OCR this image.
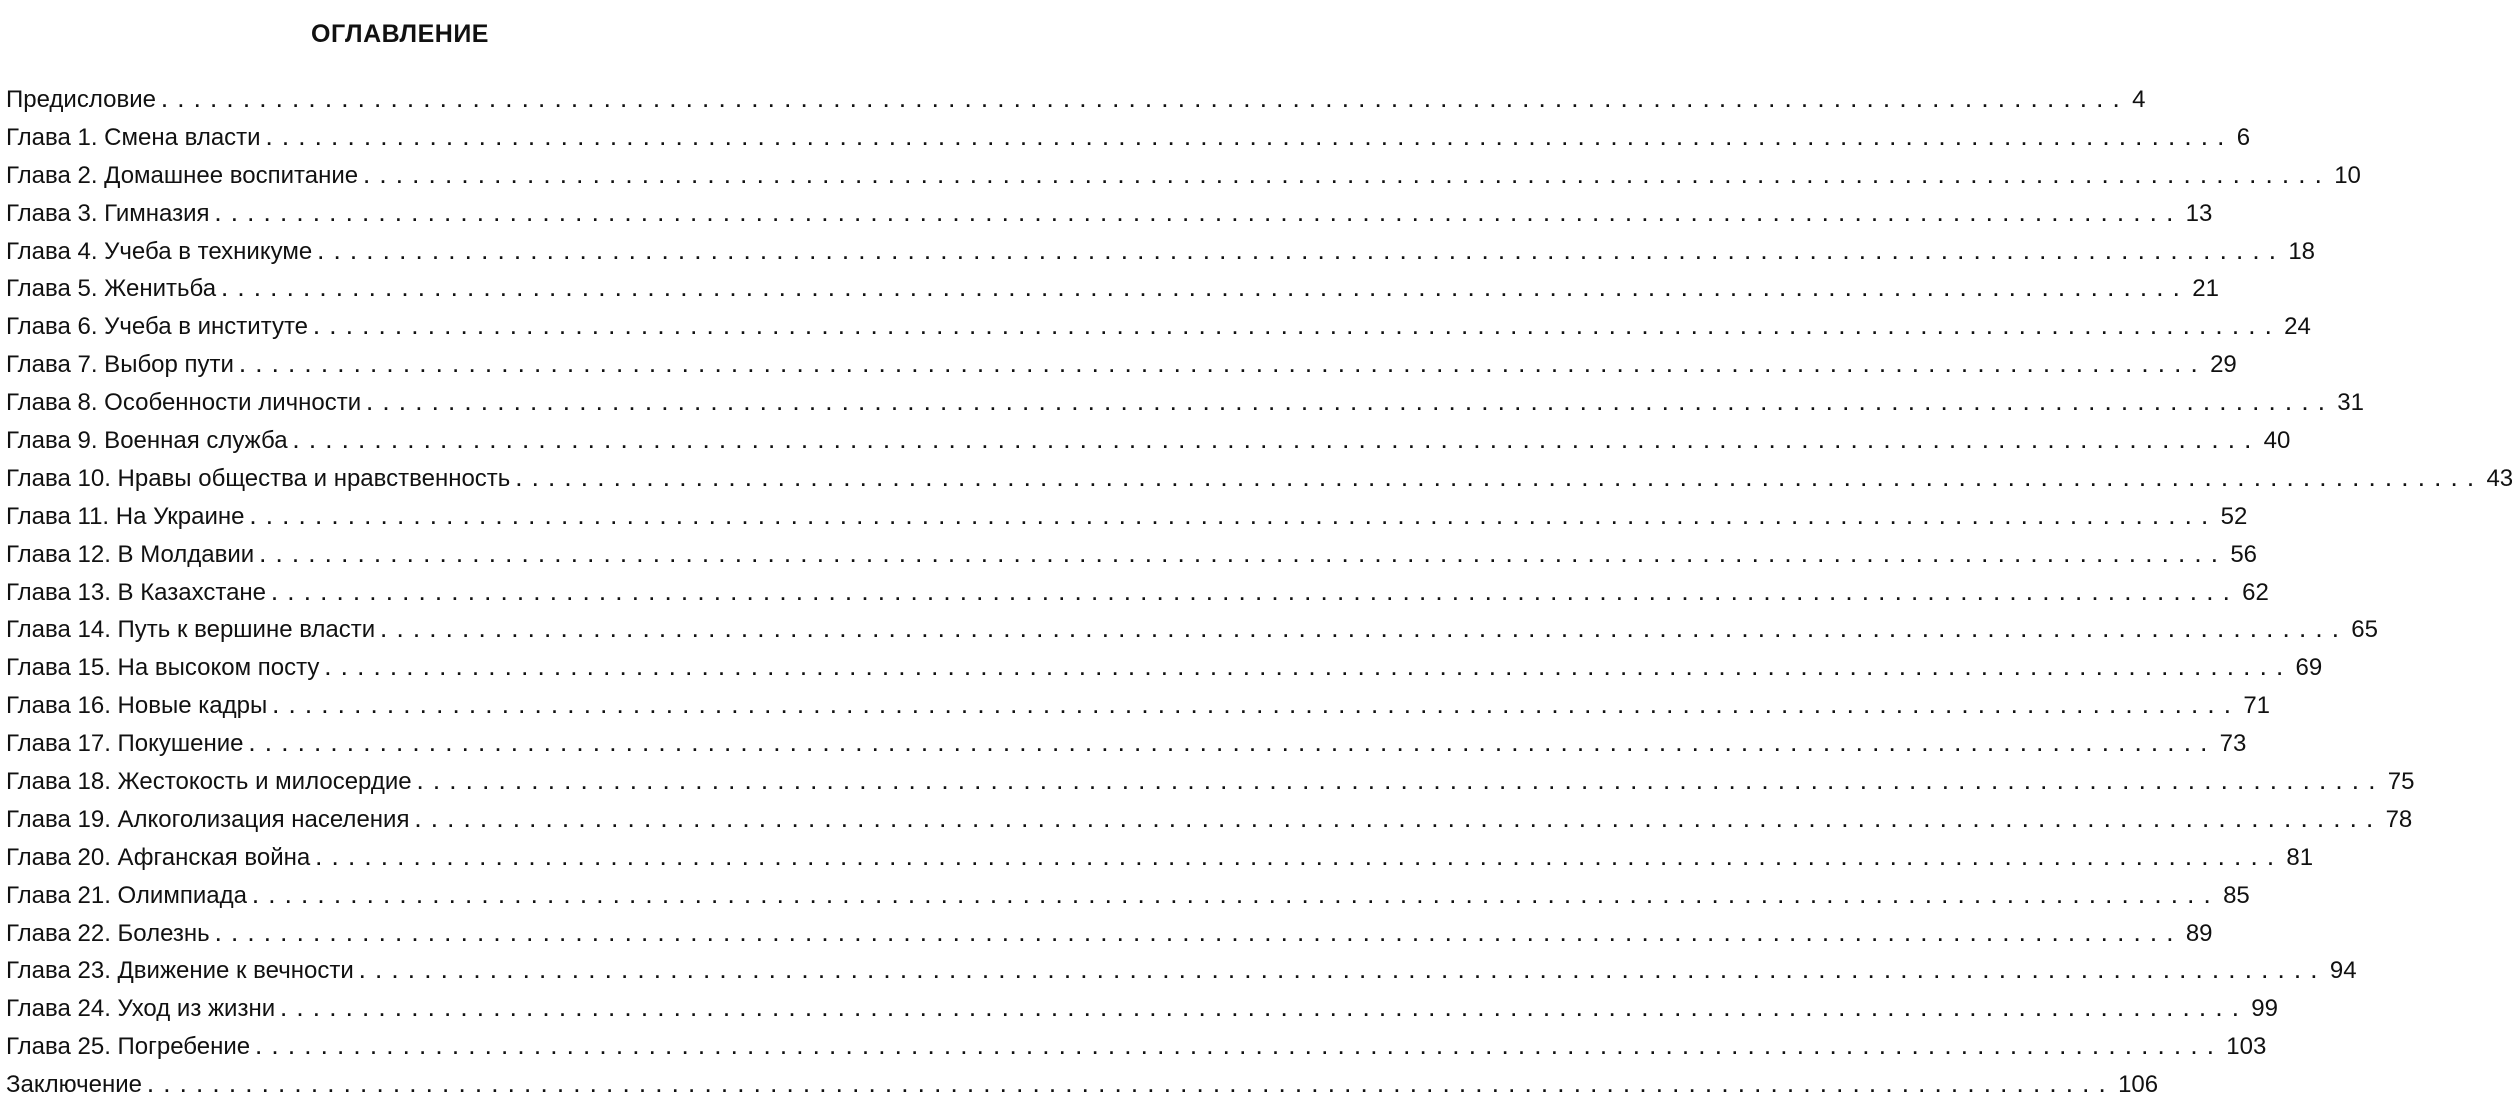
ОГЛАВЛЕНИЕ
Предисловие ........................................................................................................................ 4
Глава 1. Смена власти ........................................................................................................................ 6
Глава 2. Домашнее воспитание ........................................................................................................................ 10
Глава 3. Гимназия ........................................................................................................................ 13
Глава 4. Учеба в техникуме ........................................................................................................................ 18
Глава 5. Женитьба ........................................................................................................................ 21
Глава 6. Учеба в институте ........................................................................................................................ 24
Глава 7. Выбор пути ........................................................................................................................ 29
Глава 8. Особенности личности ........................................................................................................................ 31
Глава 9. Военная служба ........................................................................................................................ 40
Глава 10. Нравы общества и нравственность ........................................................................................................................ 43
Глава 11. На Украине ........................................................................................................................ 52
Глава 12. В Молдавии ........................................................................................................................ 56
Глава 13. В Казахстане ........................................................................................................................ 62
Глава 14. Путь к вершине власти ........................................................................................................................ 65
Глава 15. На высоком посту ........................................................................................................................ 69
Глава 16. Новые кадры ........................................................................................................................ 71
Глава 17. Покушение ........................................................................................................................ 73
Глава 18. Жестокость и милосердие ........................................................................................................................ 75
Глава 19. Алкоголизация населения ........................................................................................................................ 78
Глава 20. Афганская война ........................................................................................................................ 81
Глава 21. Олимпиада ........................................................................................................................ 85
Глава 22. Болезнь ........................................................................................................................ 89
Глава 23. Движение к вечности ........................................................................................................................ 94
Глава 24. Уход из жизни ........................................................................................................................ 99
Глава 25. Погребение ........................................................................................................................ 103
Заключение ........................................................................................................................ 106
